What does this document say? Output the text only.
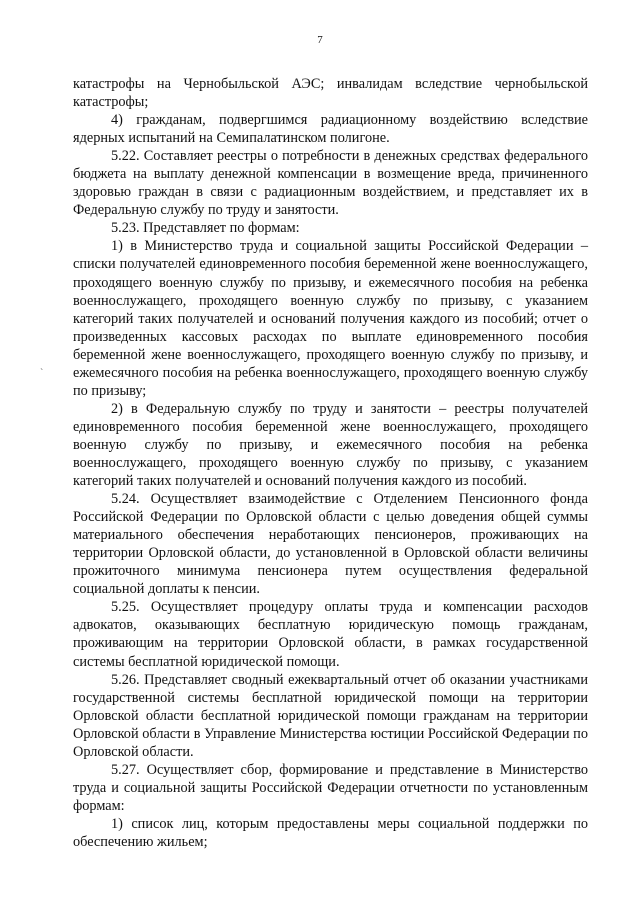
7
`

катастрофы на Чернобыльской АЭС; инвалидам вследствие чернобыльской катастрофы;

4) гражданам, подвергшимся радиационному воздействию вследствие ядерных испытаний на Семипалатинском полигоне.

5.22. Составляет реестры о потребности в денежных средствах федерального бюджета на выплату денежной компенсации в возмещение вреда, причиненного здоровью граждан в связи с радиационным воздействием, и представляет их в Федеральную службу по труду и занятости.

5.23. Представляет по формам:

1) в Министерство труда и социальной защиты Российской Федерации – списки получателей единовременного пособия беременной жене военнослужащего, проходящего военную службу по призыву, и ежемесячного пособия на ребенка военнослужащего, проходящего военную службу по призыву, с указанием категорий таких получателей и оснований получения каждого из пособий; отчет о произведенных кассовых расходах по выплате единовременного пособия беременной жене военнослужащего, проходящего военную службу по призыву, и ежемесячного пособия на ребенка военнослужащего, проходящего военную службу по призыву;

2) в Федеральную службу по труду и занятости – реестры получателей единовременного пособия беременной жене военнослужащего, проходящего военную службу по призыву, и ежемесячного пособия на ребенка военнослужащего, проходящего военную службу по призыву, с указанием категорий таких получателей и оснований получения каждого из пособий.

5.24. Осуществляет взаимодействие с Отделением Пенсионного фонда Российской Федерации по Орловской области с целью доведения общей суммы материального обеспечения неработающих пенсионеров, проживающих на территории Орловской области, до установленной в Орловской области величины прожиточного минимума пенсионера путем осуществления федеральной социальной доплаты к пенсии.

5.25. Осуществляет процедуру оплаты труда и компенсации расходов адвокатов, оказывающих бесплатную юридическую помощь гражданам, проживающим на территории Орловской области, в рамках государственной системы бесплатной юридической помощи.

5.26. Представляет сводный ежеквартальный отчет об оказании участниками государственной системы бесплатной юридической помощи на территории Орловской области бесплатной юридической помощи гражданам на территории Орловской области в Управление Министерства юстиции Российской Федерации по Орловской области.

5.27. Осуществляет сбор, формирование и представление в Министерство труда и социальной защиты Российской Федерации отчетности по установленным формам:

1) список лиц, которым предоставлены меры социальной поддержки по обеспечению жильем;
